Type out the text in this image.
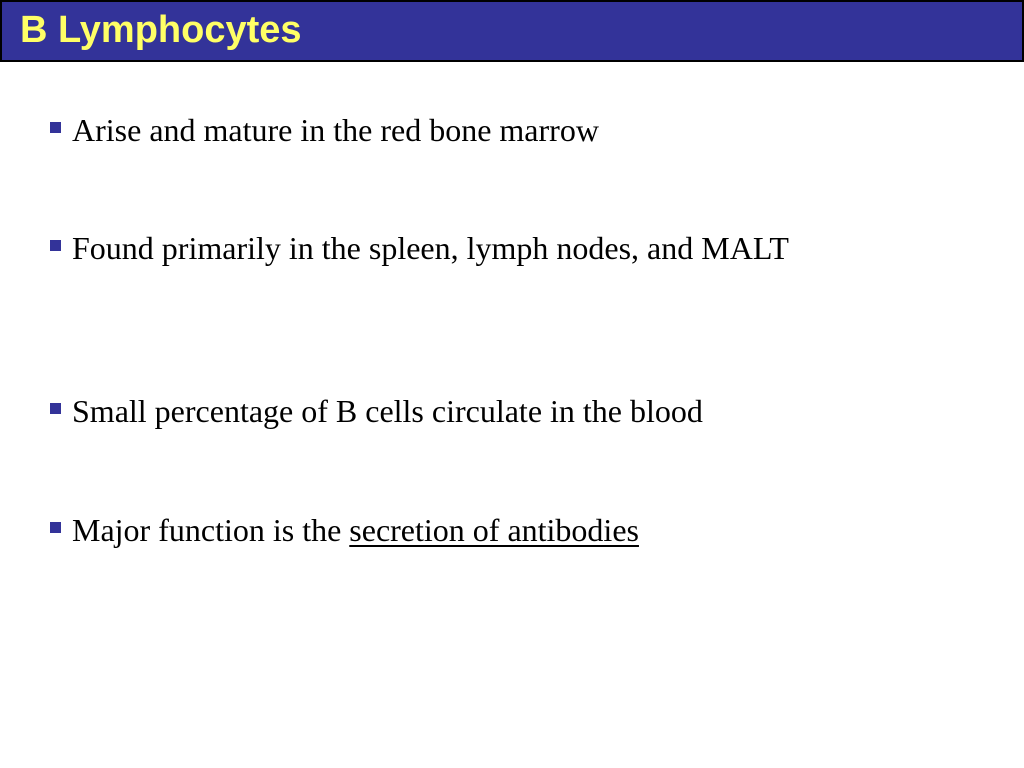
B Lymphocytes
Arise and mature in the red bone marrow
Found primarily in the spleen, lymph nodes, and MALT
Small percentage of B cells circulate in the blood
Major function is the secretion of antibodies
